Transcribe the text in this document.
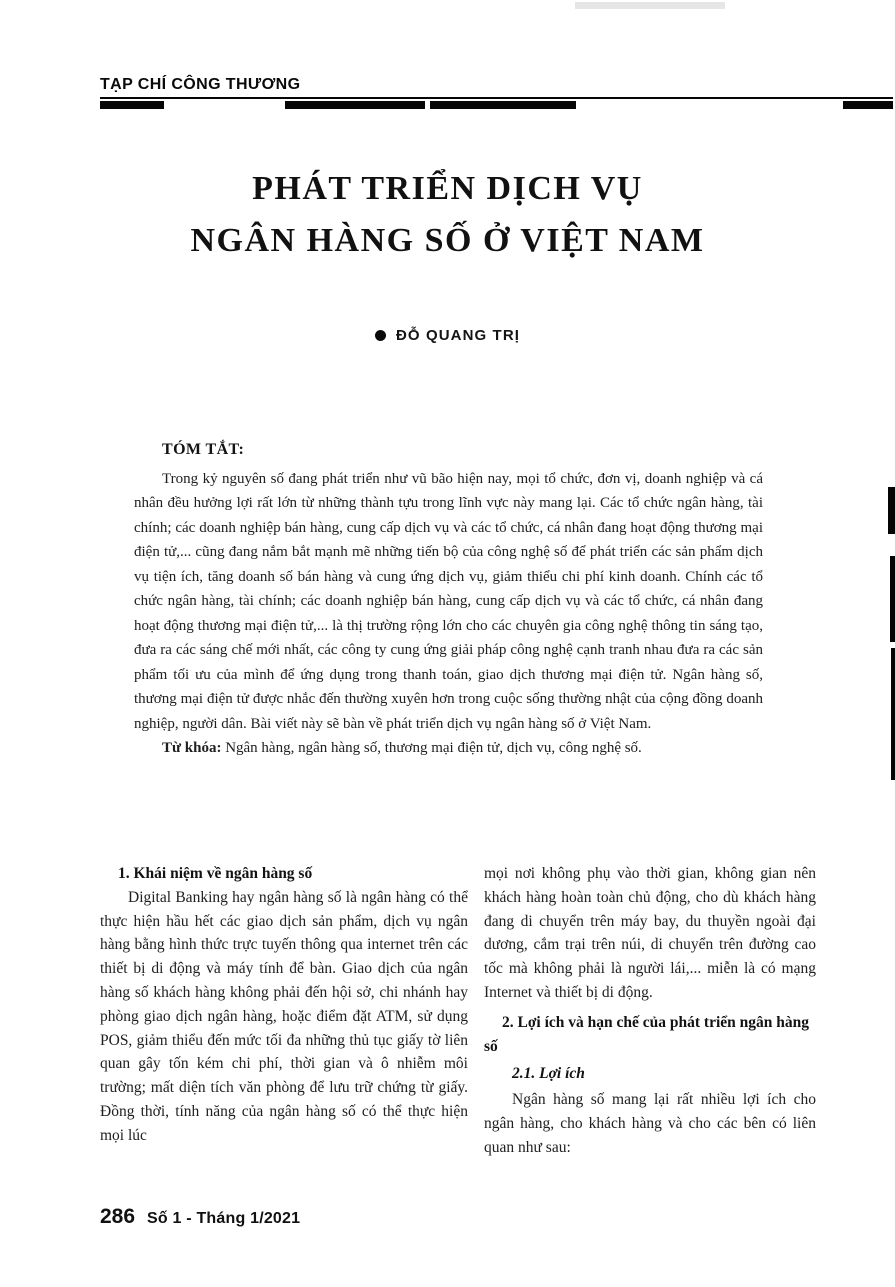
TẠP CHÍ CÔNG THƯƠNG
PHÁT TRIỂN DỊCH VỤ
NGÂN HÀNG SỐ Ở VIỆT NAM
ĐỖ QUANG TRỊ
TÓM TẮT:

Trong kỷ nguyên số đang phát triển như vũ bão hiện nay, mọi tổ chức, đơn vị, doanh nghiệp và cá nhân đều hưởng lợi rất lớn từ những thành tựu trong lĩnh vực này mang lại. Các tổ chức ngân hàng, tài chính; các doanh nghiệp bán hàng, cung cấp dịch vụ và các tổ chức, cá nhân đang hoạt động thương mại điện tử,... cũng đang nắm bắt mạnh mẽ những tiến bộ của công nghệ số để phát triển các sản phẩm dịch vụ tiện ích, tăng doanh số bán hàng và cung ứng dịch vụ, giảm thiểu chi phí kinh doanh. Chính các tổ chức ngân hàng, tài chính; các doanh nghiệp bán hàng, cung cấp dịch vụ và các tổ chức, cá nhân đang hoạt động thương mại điện tử,... là thị trường rộng lớn cho các chuyên gia công nghệ thông tin sáng tạo, đưa ra các sáng chế mới nhất, các công ty cung ứng giải pháp công nghệ cạnh tranh nhau đưa ra các sản phẩm tối ưu của mình để ứng dụng trong thanh toán, giao dịch thương mại điện tử. Ngân hàng số, thương mại điện tử được nhắc đến thường xuyên hơn trong cuộc sống thường nhật của cộng đồng doanh nghiệp, người dân. Bài viết này sẽ bàn về phát triển dịch vụ ngân hàng số ở Việt Nam.

Từ khóa: Ngân hàng, ngân hàng số, thương mại điện tử, dịch vụ, công nghệ số.

1. Khái niệm về ngân hàng số

Digital Banking hay ngân hàng số là ngân hàng có thể thực hiện hầu hết các giao dịch sản phẩm, dịch vụ ngân hàng bằng hình thức trực tuyến thông qua internet trên các thiết bị di động và máy tính để bàn. Giao dịch của ngân hàng số khách hàng không phải đến hội sở, chi nhánh hay phòng giao dịch ngân hàng, hoặc điểm đặt ATM, sử dụng POS, giảm thiểu đến mức tối đa những thủ tục giấy tờ liên quan gây tốn kém chi phí, thời gian và ô nhiễm môi trường; mất diện tích văn phòng để lưu trữ chứng từ giấy. Đồng thời, tính năng của ngân hàng số có thể thực hiện mọi lúc

mọi nơi không phụ vào thời gian, không gian nên khách hàng hoàn toàn chủ động, cho dù khách hàng đang di chuyển trên máy bay, du thuyền ngoài đại dương, cắm trại trên núi, di chuyển trên đường cao tốc mà không phải là người lái,... miễn là có mạng Internet và thiết bị di động.

2. Lợi ích và hạn chế của phát triển ngân hàng số

2.1. Lợi ích

Ngân hàng số mang lại rất nhiều lợi ích cho ngân hàng, cho khách hàng và cho các bên có liên quan như sau:

286 Số 1 - Tháng 1/2021
